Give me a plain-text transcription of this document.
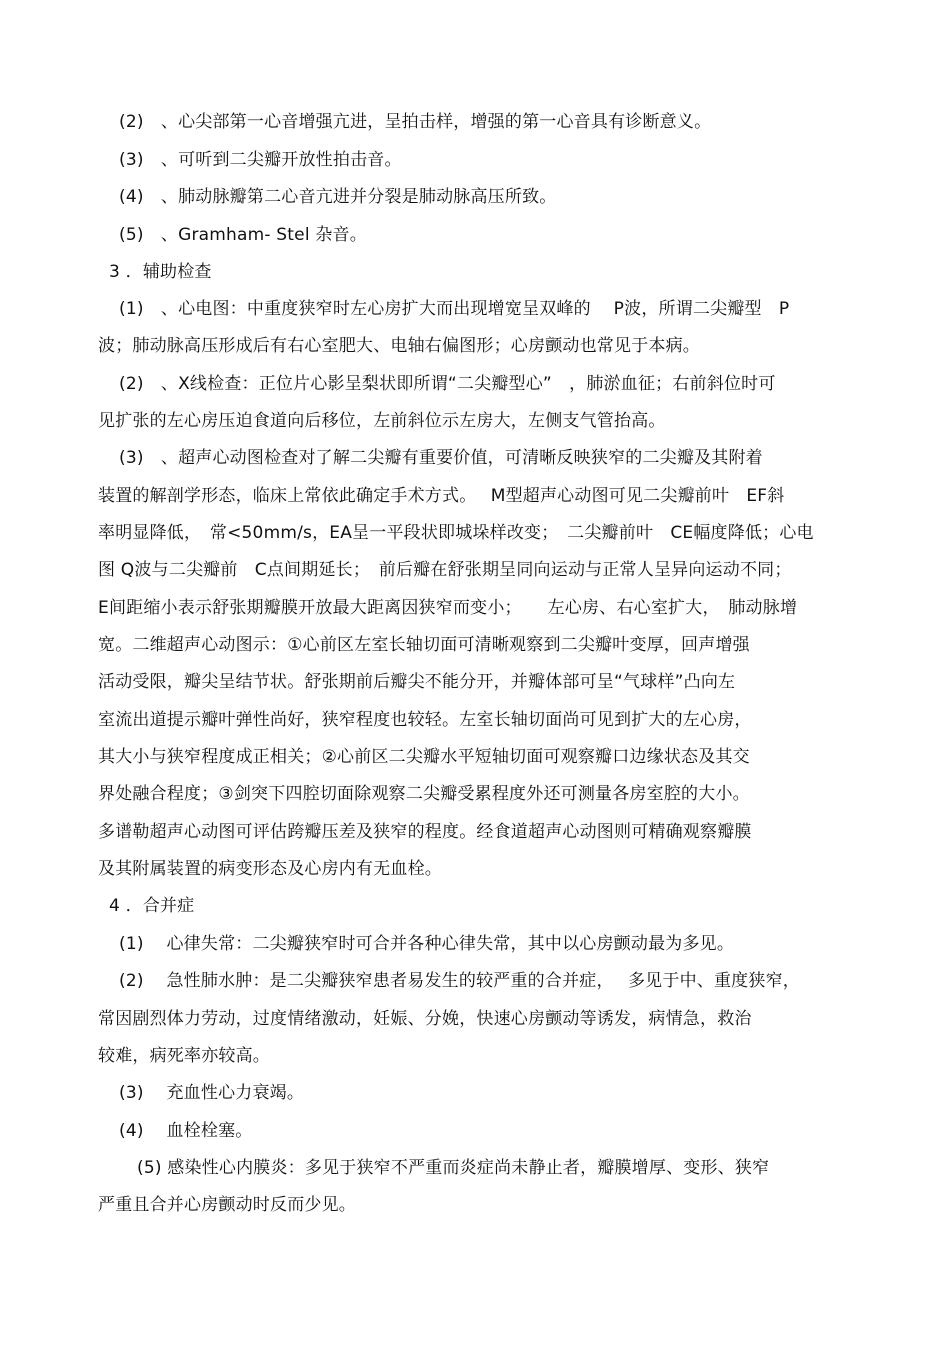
(2)　、心尖部第一心音增强亢进，呈拍击样，增强的第一心音具有诊断意义。
(3)　、可听到二尖瓣开放性拍击音。
(4)　、肺动脉瓣第二心音亢进并分裂是肺动脉高压所致。
(5)　、Gramham- Stel 杂音。
3 ．辅助检查
(1)　、心电图：中重度狭窄时左心房扩大而出现增宽呈双峰的　 P波，所谓二尖瓣型　P
波；肺动脉高压形成后有右心室肥大、电轴右偏图形；心房颤动也常见于本病。
(2)　、X线检查：正位片心影呈梨状即所谓“二尖瓣型心”　，肺淤血征；右前斜位时可
见扩张的左心房压迫食道向后移位，左前斜位示左房大，左侧支气管抬高。
(3)　、超声心动图检查对了解二尖瓣有重要价值，可清晰反映狭窄的二尖瓣及其附着
装置的解剖学形态，临床上常依此确定手术方式。　 M型超声心动图可见二尖瓣前叶　EF斜
率明显降低，　常<50mm/s，EA呈一平段状即城垛样改变；　二尖瓣前叶　CE幅度降低；心电
图 Q波与二尖瓣前　C点间期延长；　前后瓣在舒张期呈同向运动与正常人呈异向运动不同；
E间距缩小表示舒张期瓣膜开放最大距离因狭窄而变小；　　左心房、右心室扩大，　肺动脉增
宽。二维超声心动图示：①心前区左室长轴切面可清晰观察到二尖瓣叶变厚，回声增强
活动受限，瓣尖呈结节状。舒张期前后瓣尖不能分开，并瓣体部可呈“气球样”凸向左
室流出道提示瓣叶弹性尚好，狭窄程度也较轻。左室长轴切面尚可见到扩大的左心房，
其大小与狭窄程度成正相关；②心前区二尖瓣水平短轴切面可观察瓣口边缘状态及其交
界处融合程度；③剑突下四腔切面除观察二尖瓣受累程度外还可测量各房室腔的大小。
多谱勒超声心动图可评估跨瓣压差及狭窄的程度。经食道超声心动图则可精确观察瓣膜
及其附属装置的病变形态及心房内有无血栓。
4 ．合并症
(1)　 心律失常：二尖瓣狭窄时可合并各种心律失常，其中以心房颤动最为多见。
(2)　 急性肺水肿：是二尖瓣狭窄患者易发生的较严重的合并症，　 多见于中、重度狭窄，
常因剧烈体力劳动，过度情绪激动，妊娠、分娩，快速心房颤动等诱发，病情急，救治
较难，病死率亦较高。
(3)　 充血性心力衰竭。
(4)　 血栓栓塞。
(5) 感染性心内膜炎：多见于狭窄不严重而炎症尚未静止者，瓣膜增厚、变形、狭窄
严重且合并心房颤动时反而少见。
